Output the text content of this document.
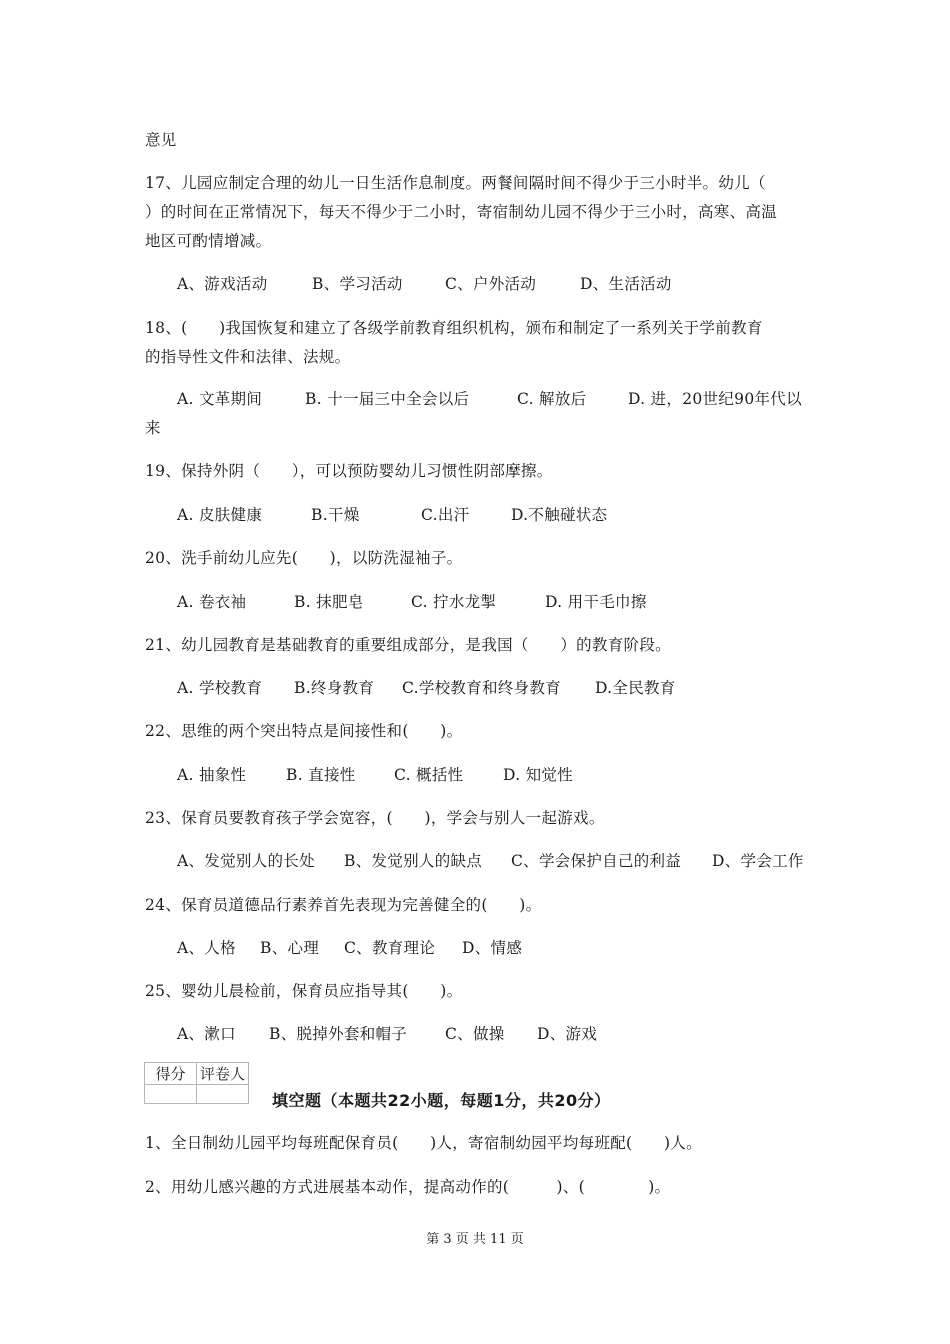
意见
17、儿园应制定合理的幼儿一日生活作息制度。两餐间隔时间不得少于三小时半。幼儿（
）的时间在正常情况下，每天不得少于二小时，寄宿制幼儿园不得少于三小时，高寒、高温
地区可酌情增减。
A、游戏活动	B、学习活动	C、户外活动	D、生活活动
18、(　　)我国恢复和建立了各级学前教育组织机构，颁布和制定了一系列关于学前教育
的指导性文件和法律、法规。
A. 文革期间	B. 十一届三中全会以后	C. 解放后	D. 进，20世纪90年代以
来
19、保持外阴（　　），可以预防婴幼儿习惯性阴部摩擦。
A. 皮肤健康	B.干燥	C.出汗	D.不触碰状态
20、洗手前幼儿应先(　　)，以防洗湿袖子。
A. 卷衣袖	B. 抹肥皂	C. 拧水龙掣	D. 用干毛巾擦
21、幼儿园教育是基础教育的重要组成部分，是我国（　　）的教育阶段。
A. 学校教育 B.终身教育 C.学校教育和终身教育 D.全民教育
22、思维的两个突出特点是间接性和(　　)。
A. 抽象性	B. 直接性 C. 概括性	D. 知觉性
23、保育员要教育孩子学会宽容，(　　)，学会与别人一起游戏。
A、发觉别人的长处 B、发觉别人的缺点 C、学会保护自己的利益 D、学会工作
24、保育员道德品行素养首先表现为完善健全的(　　)。
A、人格 B、心理 C、教育理论 D、情感
25、婴幼儿晨检前，保育员应指导其(　　)。
A、漱口 B、脱掉外套和帽子 C、做操 D、游戏
得分	评卷人

填空题（本题共22小题，每题1分，共20分）
1、全日制幼儿园平均每班配保育员(　　)人，寄宿制幼园平均每班配(　　)人。
2、用幼儿感兴趣的方式进展基本动作，提高动作的(　　　)、(　　　　)。
第 3 页 共 11 页
